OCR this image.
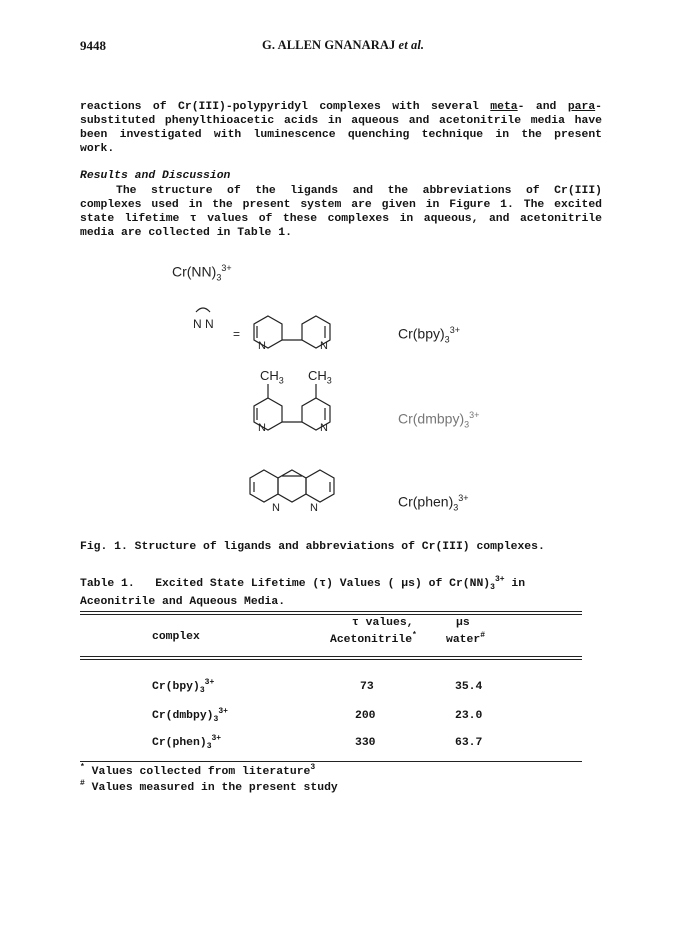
9448	G. ALLEN GNANARAJ et al.
reactions of Cr(III)-polypyridyl complexes with several meta- and para-
substituted phenylthioacetic acids in aqueous and acetonitrile media have
been investigated with luminescence quenching technique in the present
work.
Results and Discussion
The structure of the ligands and the abbreviations of Cr(III)
complexes used in the present system are given in Figure 1. The excited
state lifetime τ values of these complexes in aqueous, and acetonitrile
media are collected in Table 1.
$Cr(NN)_3^{3+}$
N N
=
N	N
N	N
N	N
$CH_3$ $CH_3$
$Cr(bpy)_3^{3+}$
$Cr(dmbpy)_3^{3+}$
$Cr(phen)_3^{3+}$
Fig. 1. Structure of ligands and abbreviations of Cr(III) complexes.
Table 1.   Excited State Lifetime (τ) Values ( μs) of $Cr(NN)_3^{3+}$ in
Aceonitrile and Aqueous Media.
τ values,	μs
complex	Acetonitrile*	water#
$Cr(bpy)_3^{3+}$	73	35.4
$Cr(dmbpy)_3^{3+}$	200	23.0
$Cr(phen)_3^{3+}$	330	63.7
* Values collected from literature$^3$
# Values measured in the present study
